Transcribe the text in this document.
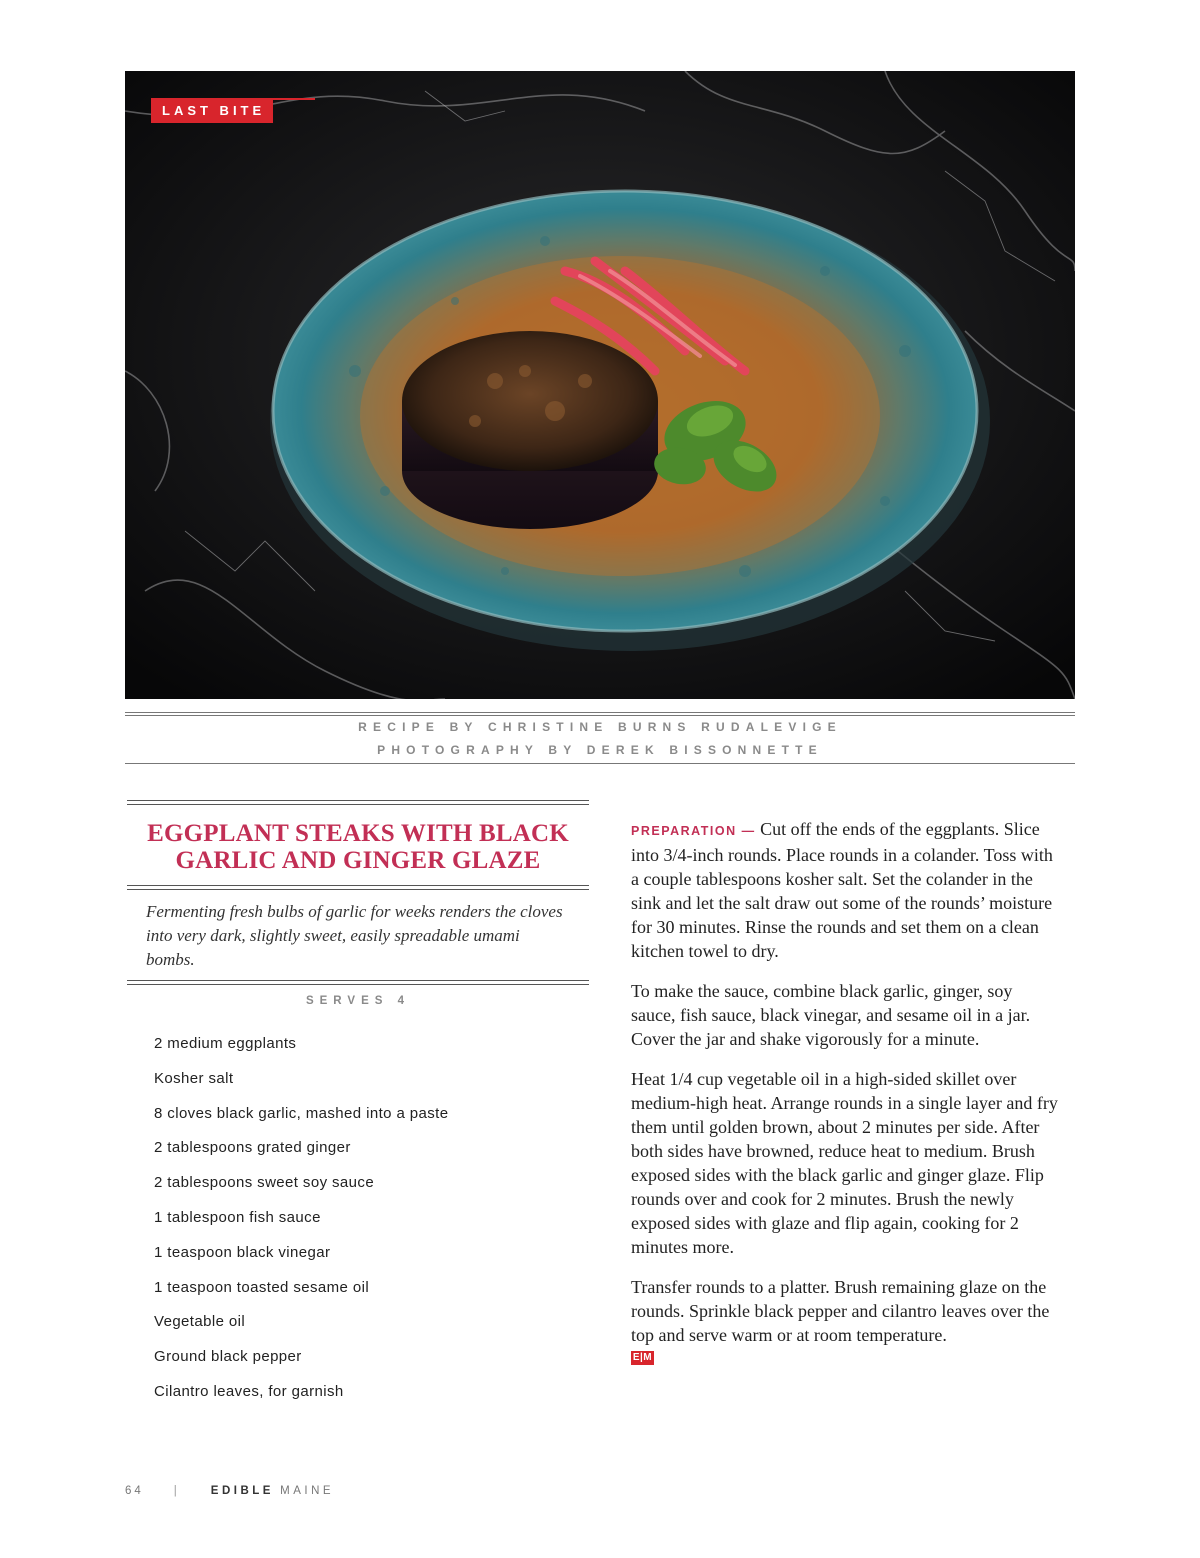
LAST BITE
RECIPE BY CHRISTINE BURNS RUDALEVIGE
PHOTOGRAPHY BY DEREK BISSONNETTE
EGGPLANT STEAKS WITH BLACK GARLIC AND GINGER GLAZE

Fermenting fresh bulbs of garlic for weeks renders the cloves into very dark, slightly sweet, easily spreadable umami bombs.

SERVES 4
2 medium eggplants
Kosher salt
8 cloves black garlic, mashed into a paste
2 tablespoons grated ginger
2 tablespoons sweet soy sauce
1 tablespoon fish sauce
1 teaspoon black vinegar
1 teaspoon toasted sesame oil
Vegetable oil
Ground black pepper
Cilantro leaves, for garnish

PREPARATION — Cut off the ends of the eggplants. Slice into 3/4-inch rounds. Place rounds in a colander. Toss with a couple tablespoons kosher salt. Set the colander in the sink and let the salt draw out some of the rounds’ moisture for 30 minutes. Rinse the rounds and set them on a clean kitchen towel to dry.

To make the sauce, combine black garlic, ginger, soy sauce, fish sauce, black vinegar, and sesame oil in a jar. Cover the jar and shake vigorously for a minute.

Heat 1/4 cup vegetable oil in a high-sided skillet over medium-high heat. Arrange rounds in a single layer and fry them until golden brown, about 2 minutes per side. After both sides have browned, reduce heat to medium. Brush exposed sides with the black garlic and ginger glaze. Flip rounds over and cook for 2 minutes. Brush the newly exposed sides with glaze and flip again, cooking for 2 minutes more.

Transfer rounds to a platter. Brush remaining glaze on the rounds. Sprinkle black pepper and cilantro leaves over the top and serve warm or at room temperature.

E|M
64	|	EDIBLE MAINE
